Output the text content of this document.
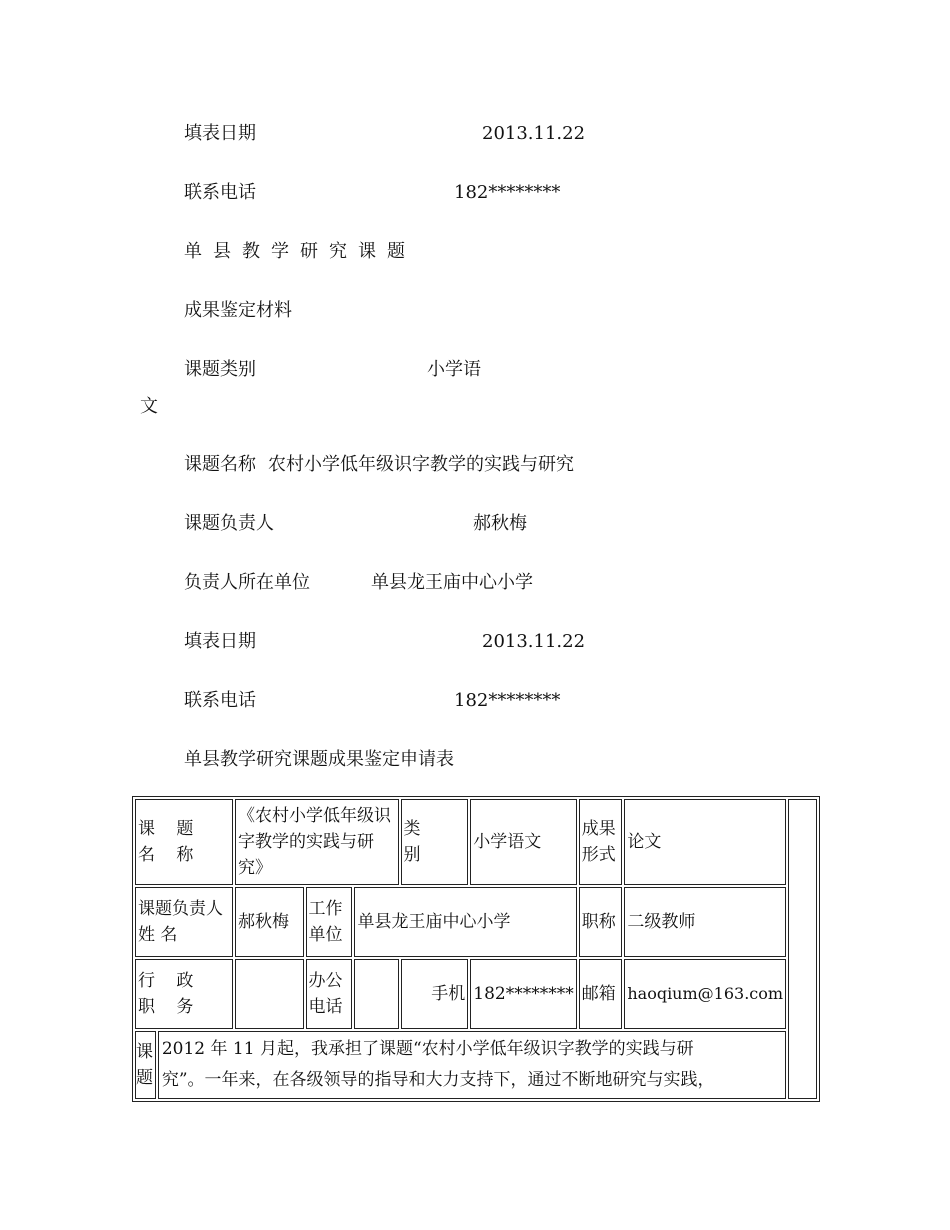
填表日期	2013.11.22
联系电话	182********
单县教学研究课题
成果鉴定材料
课题类别	小学语
文
课题名称 农村小学低年级识字教学的实践与研究
课题负责人	郝秋梅
负责人所在单位	单县龙王庙中心小学
填表日期	2013.11.22
联系电话	182********
单县教学研究课题成果鉴定申请表
课 题 名 称		《农村小学低年级识字教学的实践与研究》			类 别	小学语文	成果形式	论文	
课题负责人姓 名		郝秋梅	工作单位	单县龙王庙中心小学			职称	二级教师	
行 政 职 务			办公电话		手机	182********	邮箱	haoqium@163.com	
课题	2012 年 11 月起，我承担了课题“农村小学低年级识字教学的实践与研
究”。一年来，在各级领导的指导和大力支持下，通过不断地研究与实践，								
